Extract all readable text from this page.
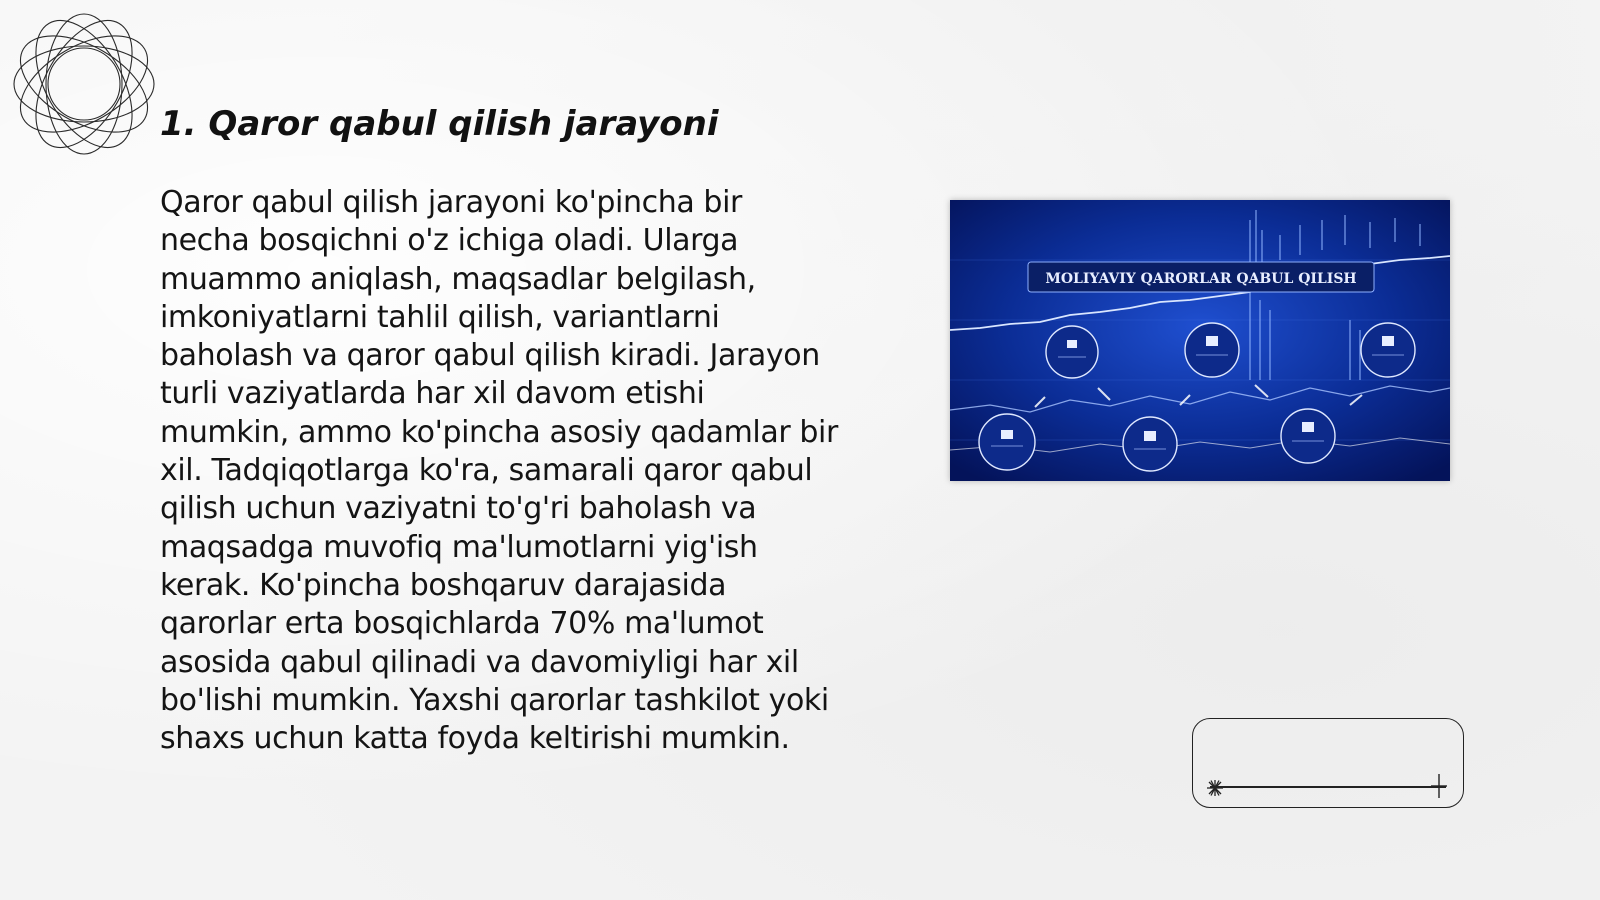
1. Qaror qabul qilish jarayoni

Qaror qabul qilish jarayoni ko'pincha bir necha bosqichni o'z ichiga oladi. Ularga muammo aniqlash, maqsadlar belgilash, imkoniyatlarni tahlil qilish, variantlarni baholash va qaror qabul qilish kiradi. Jarayon turli vaziyatlarda har xil davom etishi mumkin, ammo ko'pincha asosiy qadamlar bir xil. Tadqiqotlarga ko'ra, samarali qaror qabul qilish uchun vaziyatni to'g'ri baholash va maqsadga muvofiq ma'lumotlarni yig'ish kerak. Ko'pincha boshqaruv darajasida qarorlar erta bosqichlarda 70% ma'lumot asosida qabul qilinadi va davomiyligi har xil bo'lishi mumkin. Yaxshi qarorlar tashkilot yoki shaxs uchun katta foyda keltirishi mumkin.

MOLIYAVIY QARORLAR QABUL QILISH
